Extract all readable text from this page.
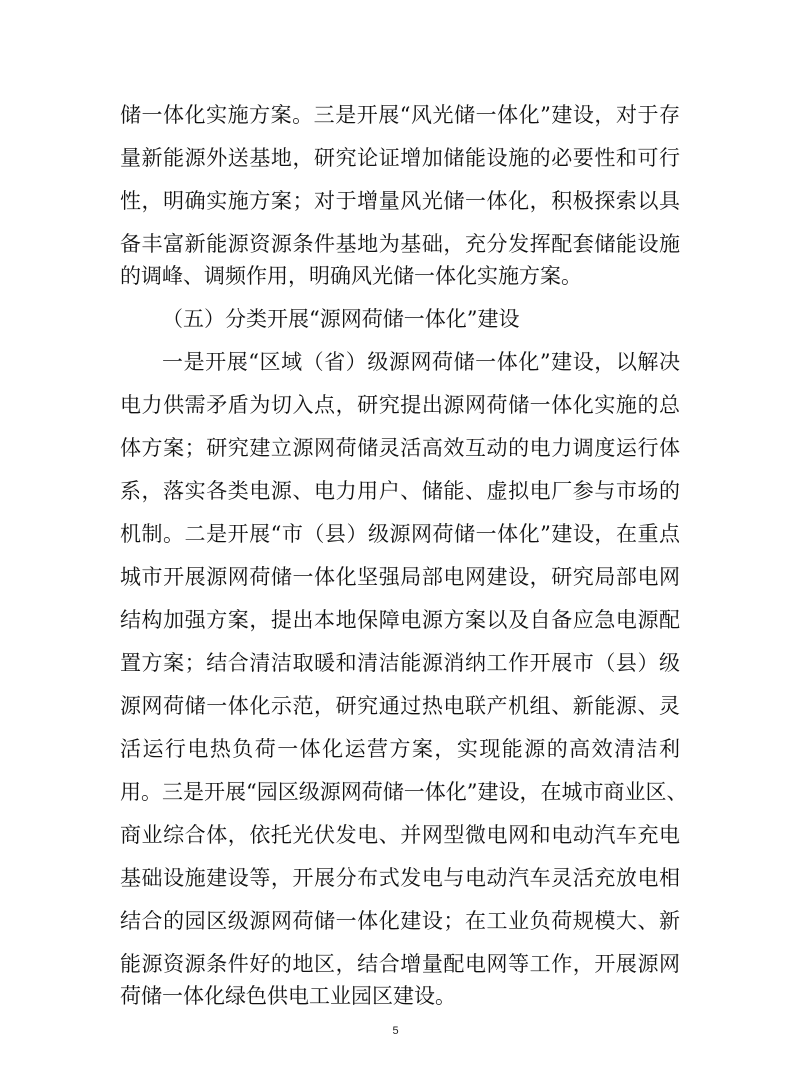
储一体化实施方案。三是开展“风光储一体化”建设，对于存
量新能源外送基地，研究论证增加储能设施的必要性和可行
性，明确实施方案；对于增量风光储一体化，积极探索以具
备丰富新能源资源条件基地为基础，充分发挥配套储能设施
的调峰、调频作用，明确风光储一体化实施方案。
（五）分类开展“源网荷储一体化”建设
一是开展“区域（省）级源网荷储一体化”建设，以解决
电力供需矛盾为切入点，研究提出源网荷储一体化实施的总
体方案；研究建立源网荷储灵活高效互动的电力调度运行体
系，落实各类电源、电力用户、储能、虚拟电厂参与市场的
机制。二是开展“市（县）级源网荷储一体化”建设，在重点
城市开展源网荷储一体化坚强局部电网建设，研究局部电网
结构加强方案，提出本地保障电源方案以及自备应急电源配
置方案；结合清洁取暖和清洁能源消纳工作开展市（县）级
源网荷储一体化示范，研究通过热电联产机组、新能源、灵
活运行电热负荷一体化运营方案，实现能源的高效清洁利
用。三是开展“园区级源网荷储一体化”建设，在城市商业区、
商业综合体，依托光伏发电、并网型微电网和电动汽车充电
基础设施建设等，开展分布式发电与电动汽车灵活充放电相
结合的园区级源网荷储一体化建设；在工业负荷规模大、新
能源资源条件好的地区，结合增量配电网等工作，开展源网
荷储一体化绿色供电工业园区建设。
5
